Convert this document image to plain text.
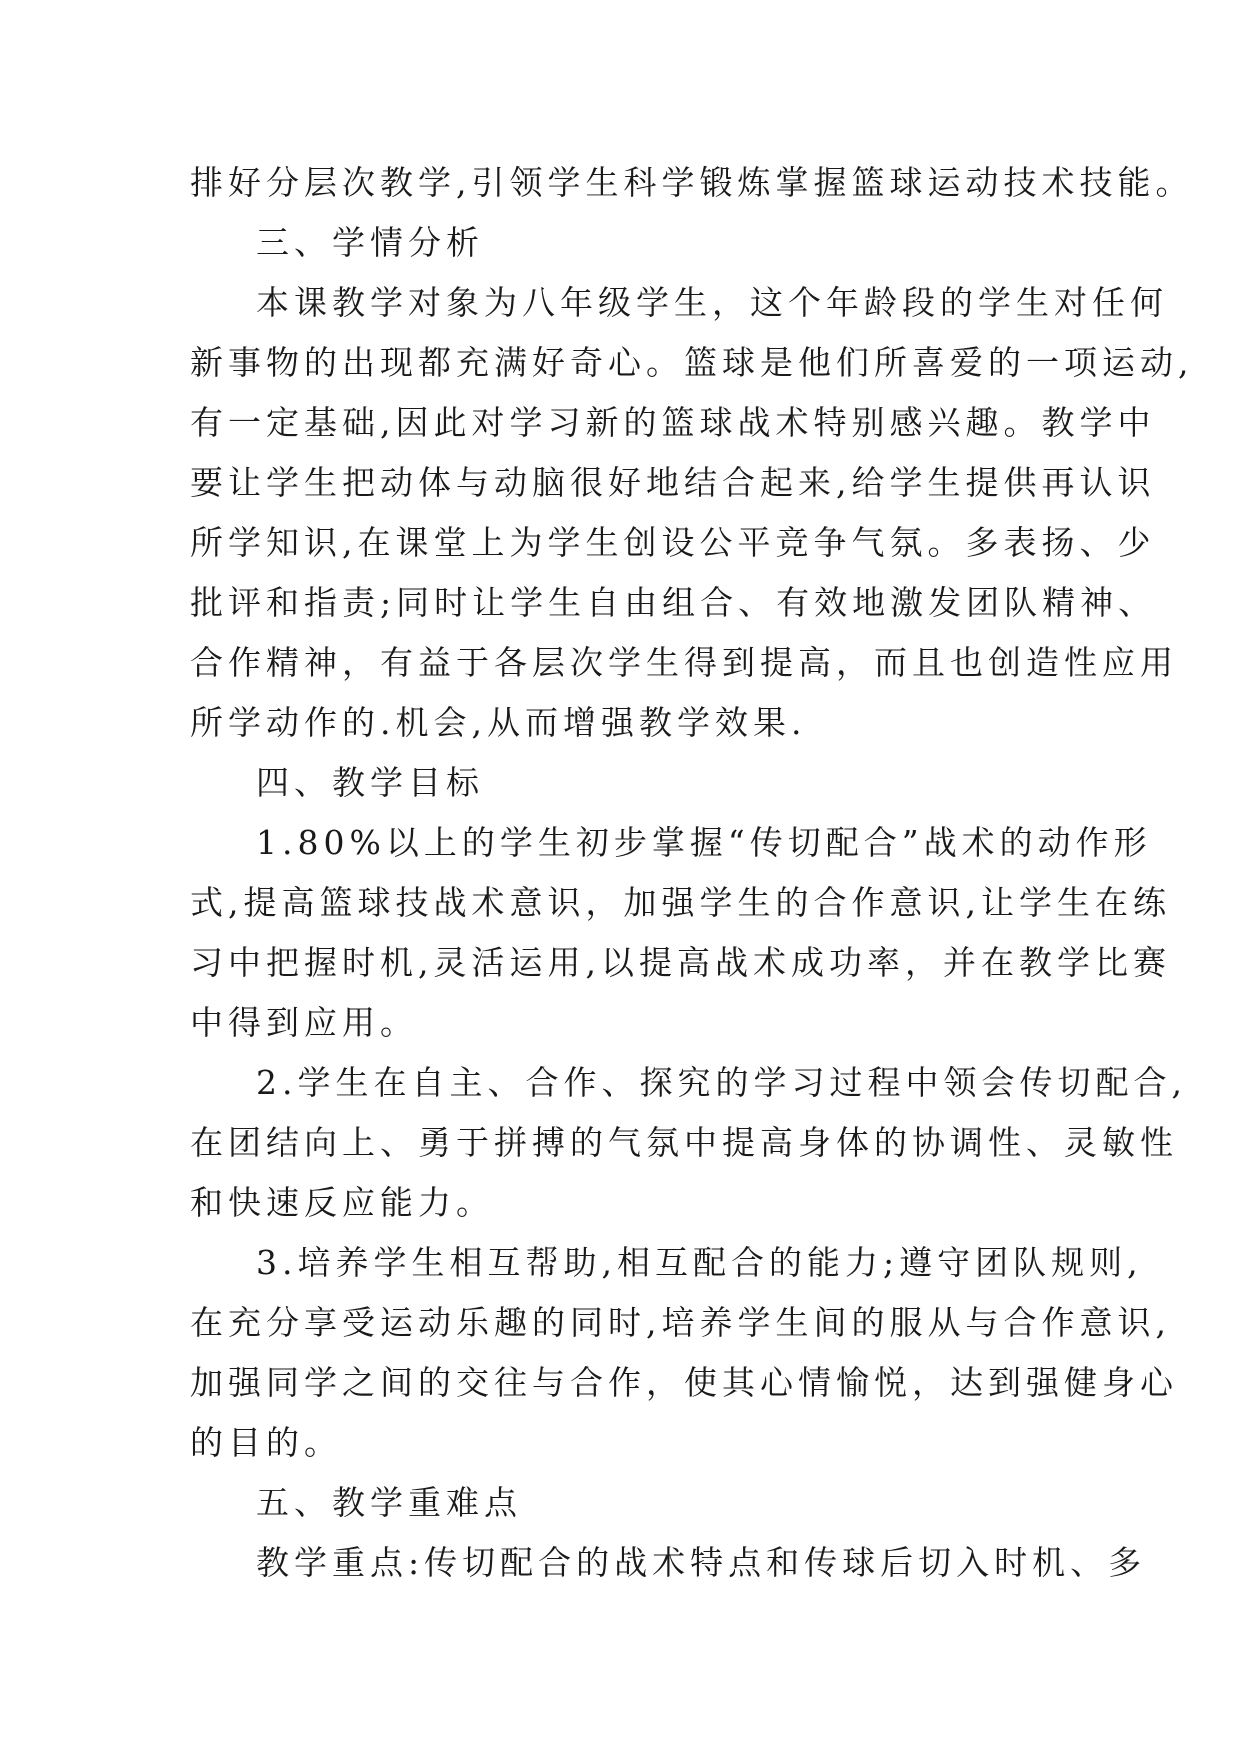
排好分层次教学,引领学生科学锻炼掌握篮球运动技术技能。
三、学情分析
本课教学对象为八年级学生，这个年龄段的学生对任何
新事物的出现都充满好奇心。篮球是他们所喜爱的一项运动,
有一定基础,因此对学习新的篮球战术特别感兴趣。教学中
要让学生把动体与动脑很好地结合起来,给学生提供再认识
所学知识,在课堂上为学生创设公平竞争气氛。多表扬、少
批评和指责;同时让学生自由组合、有效地激发团队精神、
合作精神，有益于各层次学生得到提高，而且也创造性应用
所学动作的.机会,从而增强教学效果.
四、教学目标
1.80%以上的学生初步掌握“传切配合”战术的动作形
式,提高篮球技战术意识，加强学生的合作意识,让学生在练
习中把握时机,灵活运用,以提高战术成功率，并在教学比赛
中得到应用。
2.学生在自主、合作、探究的学习过程中领会传切配合,
在团结向上、勇于拼搏的气氛中提高身体的协调性、灵敏性
和快速反应能力。
3.培养学生相互帮助,相互配合的能力;遵守团队规则,
在充分享受运动乐趣的同时,培养学生间的服从与合作意识,
加强同学之间的交往与合作，使其心情愉悦，达到强健身心
的目的。
五、教学重难点
教学重点:传切配合的战术特点和传球后切入时机、多
